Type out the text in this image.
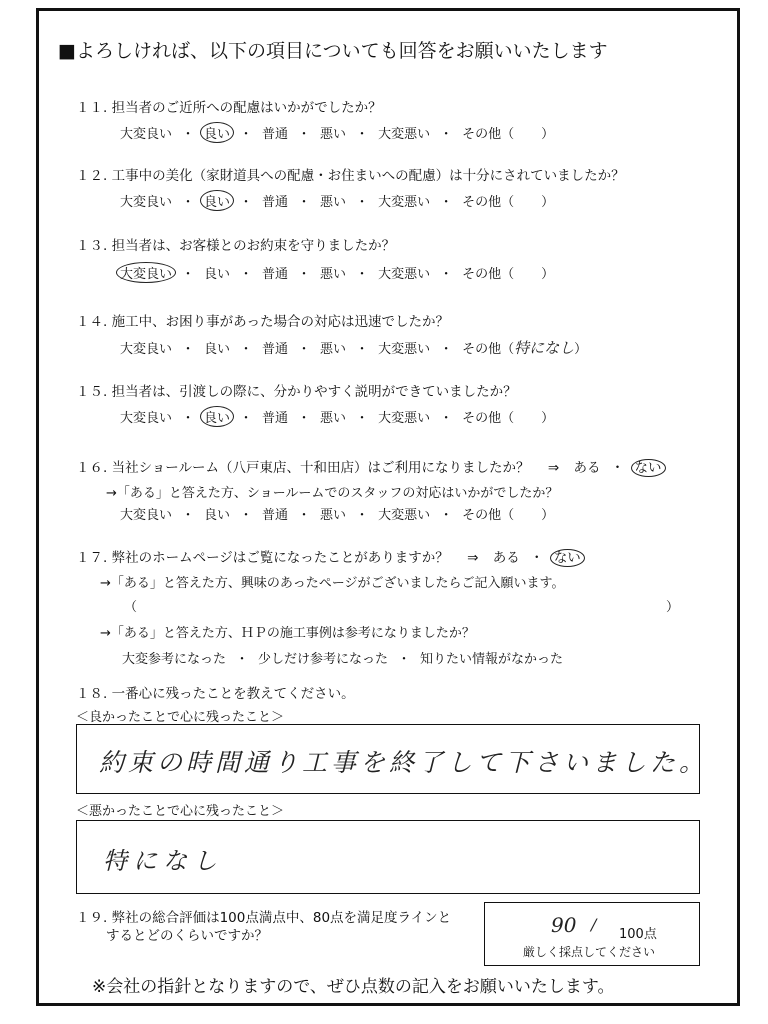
■よろしければ、以下の項目についても回答をお願いいたします
１１. 担当者のご近所への配慮はいかがでしたか？
大変良い ・ 良い ・ 普通 ・ 悪い ・ 大変悪い ・ その他（ ）
１２. 工事中の美化（家財道具への配慮・お住まいへの配慮）は十分にされていましたか？
大変良い ・ 良い ・ 普通 ・ 悪い ・ 大変悪い ・ その他（ ）
１３. 担当者は、お客様とのお約束を守りましたか？
大変良い ・ 良い ・ 普通 ・ 悪い ・ 大変悪い ・ その他（ ）
１４. 施工中、お困り事があった場合の対応は迅速でしたか？
大変良い ・ 良い ・ 普通 ・ 悪い ・ 大変悪い ・ その他（特になし）
１５. 担当者は、引渡しの際に、分かりやすく説明ができていましたか？
大変良い ・ 良い ・ 普通 ・ 悪い ・ 大変悪い ・ その他（ ）
１６. 当社ショールーム（八戸東店、十和田店）はご利用になりましたか？ ⇒ ある ・ ない
→「ある」と答えた方、ショールームでのスタッフの対応はいかがでしたか？
大変良い ・ 良い ・ 普通 ・ 悪い ・ 大変悪い ・ その他（ ）
１７. 弊社のホームページはご覧になったことがありますか？ ⇒ ある ・ ない
→「ある」と答えた方、興味のあったページがございましたらご記入願います。
（	）
→「ある」と答えた方、ＨＰの施工事例は参考になりましたか？
大変参考になった ・ 少しだけ参考になった ・ 知りたい情報がなかった
１８. 一番心に残ったことを教えてください。
＜良かったことで心に残ったこと＞
約束の時間通り工事を終了して下さいました。
＜悪かったことで心に残ったこと＞
特になし
１９. 弊社の総合評価は100点満点中、80点を満足度ラインと
するとどのくらいですか？	90 /
100点
厳しく採点してください
※会社の指針となりますので、ぜひ点数の記入をお願いいたします。
